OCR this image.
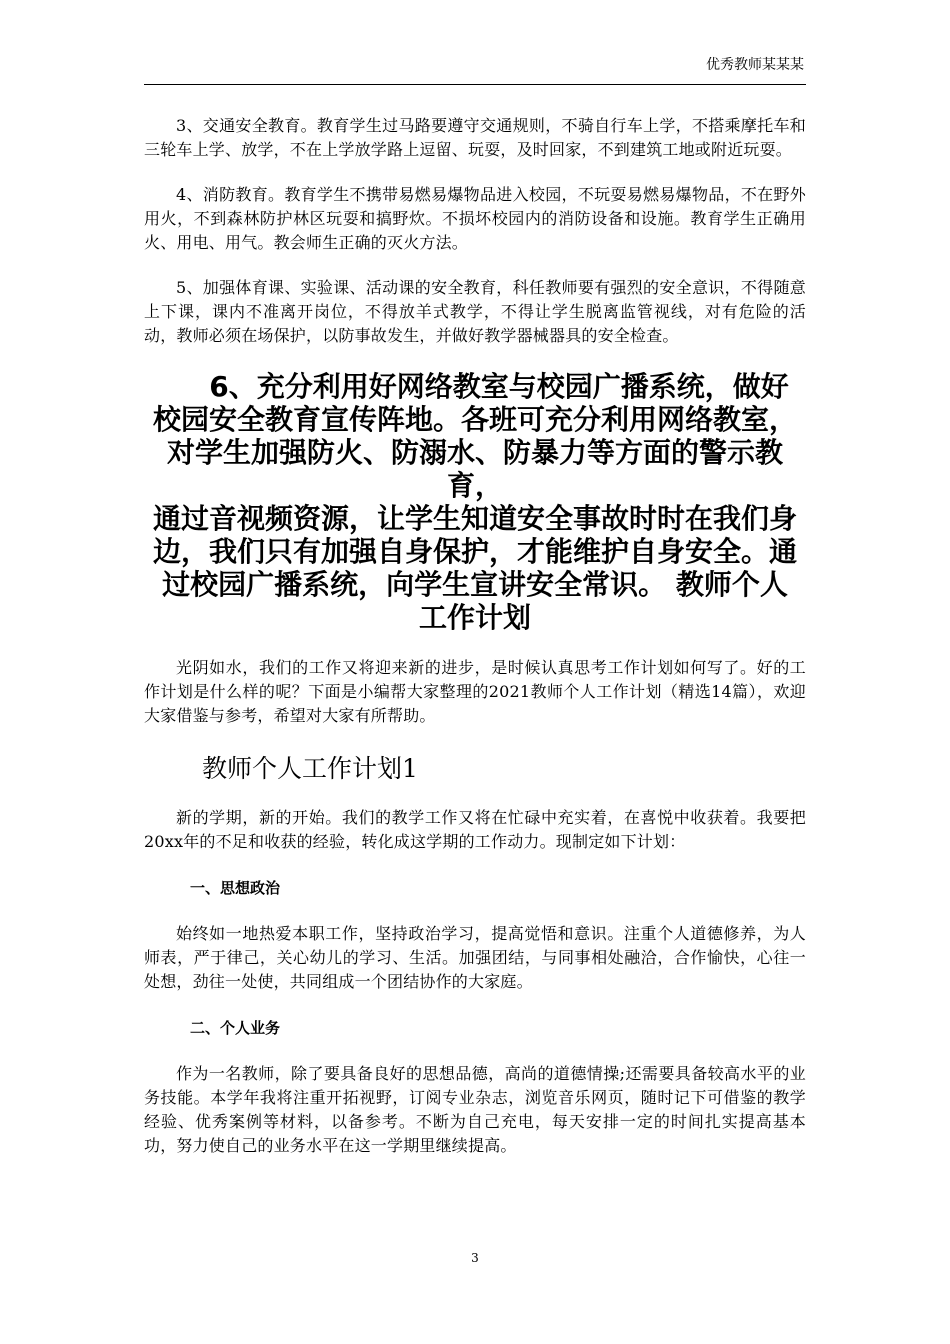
优秀教师某某某

3、交通安全教育。教育学生过马路要遵守交通规则，不骑自行车上学，不搭乘摩托车和三轮车上学、放学，不在上学放学路上逗留、玩耍，及时回家，不到建筑工地或附近玩耍。

4、消防教育。教育学生不携带易燃易爆物品进入校园，不玩耍易燃易爆物品，不在野外用火，不到森林防护林区玩耍和搞野炊。不损坏校园内的消防设备和设施。教育学生正确用火、用电、用气。教会师生正确的灭火方法。

5、加强体育课、实验课、活动课的安全教育，科任教师要有强烈的安全意识，不得随意上下课，课内不准离开岗位，不得放羊式教学，不得让学生脱离监管视线，对有危险的活动，教师必须在场保护，以防事故发生，并做好教学器械器具的安全检查。

6、充分利用好网络教室与校园广播系统，做好
校园安全教育宣传阵地。各班可充分利用网络教室，
对学生加强防火、防溺水、防暴力等方面的警示教育，
通过音视频资源，让学生知道安全事故时时在我们身
边，我们只有加强自身保护，才能维护自身安全。通
过校园广播系统，向学生宣讲安全常识。 教师个人
工作计划

光阴如水，我们的工作又将迎来新的进步，是时候认真思考工作计划如何写了。好的工作计划是什么样的呢？下面是小编帮大家整理的2021教师个人工作计划（精选14篇），欢迎大家借鉴与参考，希望对大家有所帮助。

教师个人工作计划1

新的学期，新的开始。我们的教学工作又将在忙碌中充实着，在喜悦中收获着。我要把20xx年的不足和收获的经验，转化成这学期的工作动力。现制定如下计划：

一、思想政治

始终如一地热爱本职工作，坚持政治学习，提高觉悟和意识。注重个人道德修养，为人师表，严于律己，关心幼儿的学习、生活。加强团结，与同事相处融洽，合作愉快，心往一处想，劲往一处使，共同组成一个团结协作的大家庭。

二、个人业务

作为一名教师，除了要具备良好的思想品德，高尚的道德情操;还需要具备较高水平的业务技能。本学年我将注重开拓视野，订阅专业杂志，浏览音乐网页，随时记下可借鉴的教学经验、优秀案例等材料，以备参考。不断为自己充电，每天安排一定的时间扎实提高基本功，努力使自己的业务水平在这一学期里继续提高。

3
